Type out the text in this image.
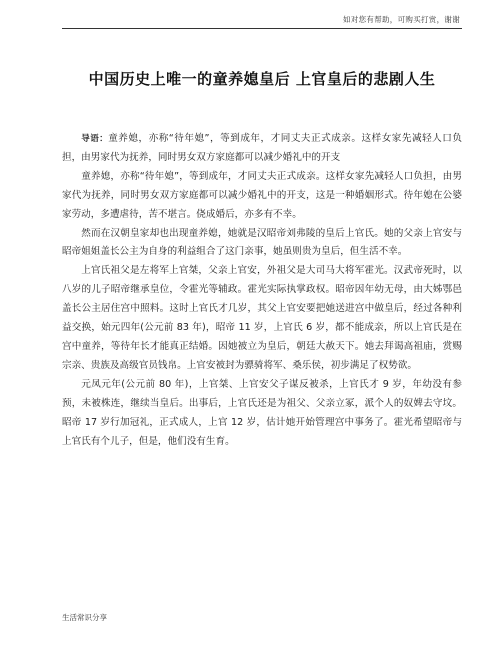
如对您有帮助，可购买打赏，谢谢
中国历史上唯一的童养媳皇后 上官皇后的悲剧人生

导语：童养媳，亦称“待年媳”，等到成年，才同丈夫正式成亲。这样女家先减轻人口负担，由男家代为抚养，同时男女双方家庭都可以减少婚礼中的开支

童养媳，亦称“待年媳”，等到成年，才同丈夫正式成亲。这样女家先减轻人口负担，由男家代为抚养，同时男女双方家庭都可以减少婚礼中的开支，这是一种婚姻形式。待年媳在公婆家劳动，多遭虐待，苦不堪言。侥成婚后，亦多有不幸。

然而在汉朝皇家却也出现童养媳，她就是汉昭帝刘弗陵的皇后上官氏。她的父亲上官安与昭帝姐姐盖长公主为自身的利益组合了这门亲事，她虽则贵为皇后，但生活不幸。

上官氏祖父是左将军上官桀，父亲上官安，外祖父是大司马大将军霍光。汉武帝死时，以八岁的儿子昭帝继承皇位，令霍光等辅政。霍光实际执掌政权。昭帝因年幼无母，由大姊鄂邑盖长公主居住宫中照料。这时上官氏才几岁，其父上官安要把她送进宫中做皇后，经过各种利益交换，始元四年(公元前 83 年)，昭帝 11 岁，上官氏 6 岁，都不能成亲，所以上官氏是在宫中童养，等待年长才能真正结婚。因她被立为皇后，朝廷大赦天下。她去拜谒高祖庙，赏赐宗亲、贵族及高级官员钱帛。上官安被封为骠骑将军、桑乐侯，初步满足了权势欲。

元凤元年(公元前 80 年)，上官桀、上官安父子谋反被杀，上官氏才 9 岁，年幼没有参预，未被株连，继续当皇后。出事后，上官氏还是为祖父、父亲立冢，派个人的奴婢去守坟。昭帝 17 岁行加冠礼，正式成人，上官 12 岁，估计她开始管理宫中事务了。霍光希望昭帝与上官氏有个儿子，但是，他们没有生育。

生活常识分享
